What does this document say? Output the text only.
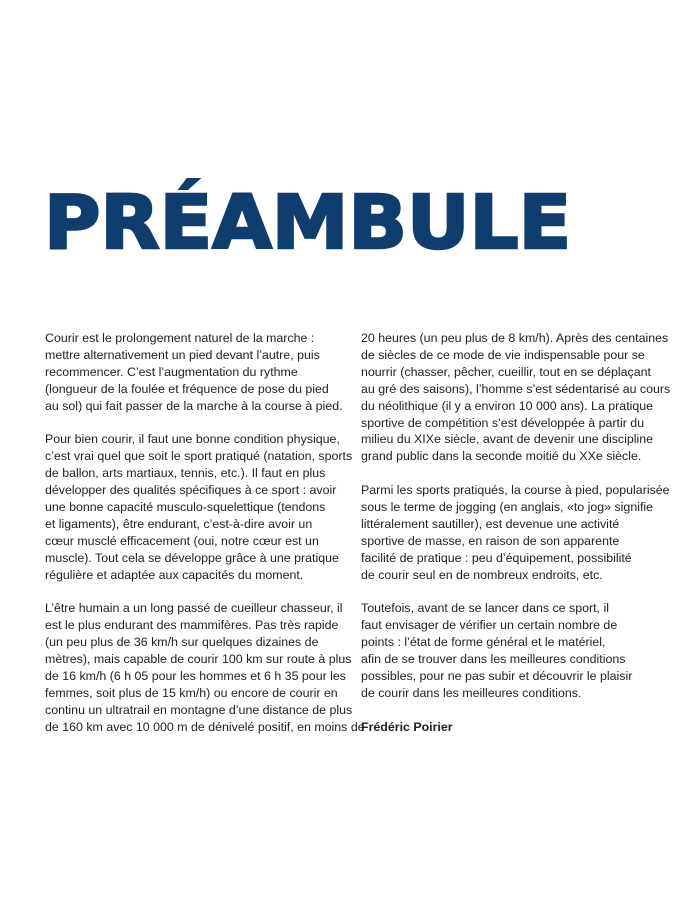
PRÉAMBULE

Courir est le prolongement naturel de la marche :
mettre alternativement un pied devant l’autre, puis
recommencer. C’est l’augmentation du rythme
(longueur de la foulée et fréquence de pose du pied
au sol) qui fait passer de la marche à la course à pied.

Pour bien courir, il faut une bonne condition physique,
c’est vrai quel que soit le sport pratiqué (natation, sports
de ballon, arts martiaux, tennis, etc.). Il faut en plus
développer des qualités spécifiques à ce sport : avoir
une bonne capacité musculo-squelettique (tendons
et ligaments), être endurant, c’est-à-dire avoir un
cœur musclé efficacement (oui, notre cœur est un
muscle). Tout cela se développe grâce à une pratique
régulière et adaptée aux capacités du moment.

L’être humain a un long passé de cueilleur chasseur, il
est le plus endurant des mammifères. Pas très rapide
(un peu plus de 36 km/h sur quelques dizaines de
mètres), mais capable de courir 100 km sur route à plus
de 16 km/h (6 h 05 pour les hommes et 6 h 35 pour les
femmes, soit plus de 15 km/h) ou encore de courir en
continu un ultratrail en montagne d’une distance de plus
de 160 km avec 10 000 m de dénivelé positif, en moins de

20 heures (un peu plus de 8 km/h). Après des centaines
de siècles de ce mode de vie indispensable pour se
nourrir (chasser, pêcher, cueillir, tout en se déplaçant
au gré des saisons), l’homme s’est sédentarisé au cours
du néolithique (il y a environ 10 000 ans). La pratique
sportive de compétition s’est développée à partir du
milieu du XIXe siècle, avant de devenir une discipline
grand public dans la seconde moitié du XXe siècle.

Parmi les sports pratiqués, la course à pied, popularisée
sous le terme de jogging (en anglais, «to jog» signifie
littéralement sautiller), est devenue une activité
sportive de masse, en raison de son apparente
facilité de pratique : peu d’équipement, possibilité
de courir seul en de nombreux endroits, etc.

Toutefois, avant de se lancer dans ce sport, il
faut envisager de vérifier un certain nombre de
points : l’état de forme général et le matériel,
afin de se trouver dans les meilleures conditions
possibles, pour ne pas subir et découvrir le plaisir
de courir dans les meilleures conditions.

Frédéric Poirier
